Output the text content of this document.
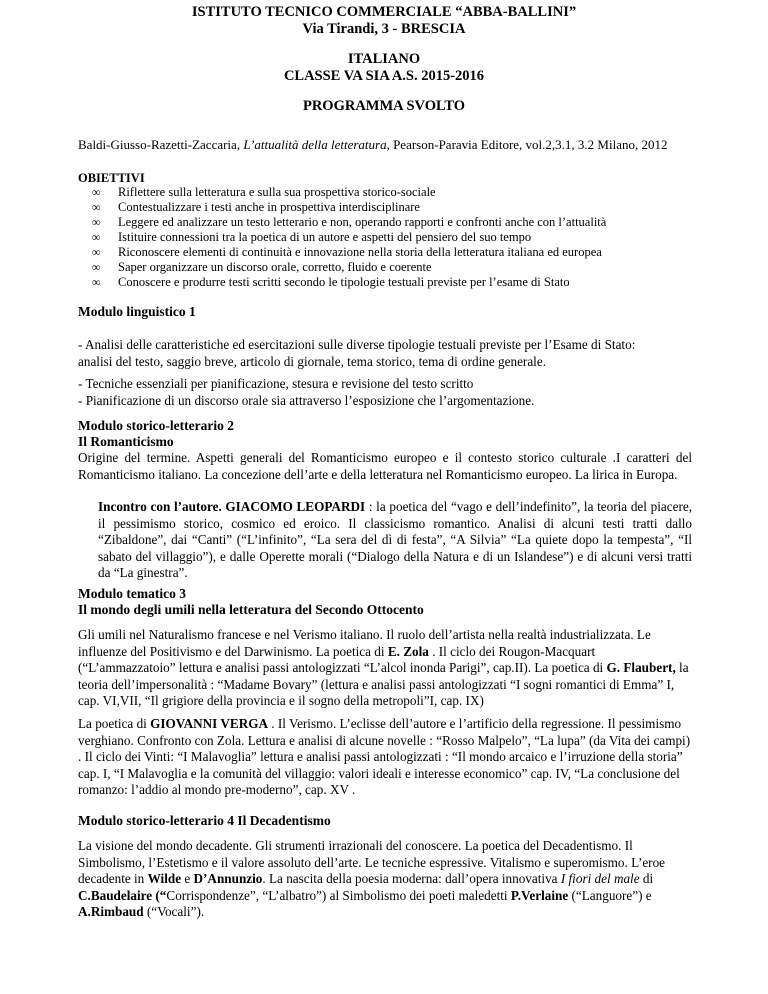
ISTITUTO TECNICO COMMERCIALE “ABBA-BALLINI”
Via Tirandi, 3 - BRESCIA
ITALIANO
CLASSE VA SIA A.S. 2015-2016
PROGRAMMA SVOLTO
Baldi-Giusso-Razetti-Zaccaria, L’attualità della letteratura, Pearson-Paravia Editore, vol.2,3.1, 3.2 Milano, 2012
OBIETTIVI
∞	Riflettere sulla letteratura e sulla sua prospettiva storico-sociale
∞	Contestualizzare i testi anche in prospettiva interdisciplinare
∞	Leggere ed analizzare un testo letterario e non, operando rapporti e confronti anche con l’attualità
∞	Istituire connessioni tra la poetica di un autore e aspetti del pensiero del suo tempo
∞	Riconoscere elementi di continuità e innovazione nella storia della letteratura italiana ed europea
∞	Saper organizzare un discorso orale, corretto, fluido e coerente
∞	Conoscere e produrre testi scritti secondo le tipologie testuali previste per l’esame di Stato
Modulo linguistico 1
- Analisi delle caratteristiche ed esercitazioni sulle diverse tipologie testuali previste per l’Esame di Stato:
analisi del testo, saggio breve, articolo di giornale, tema storico, tema di ordine generale.
- Tecniche essenziali per pianificazione, stesura e revisione del testo scritto
- Pianificazione di un discorso orale sia attraverso l’esposizione che l’argomentazione.
Modulo storico-letterario 2
Il Romanticismo
Origine del termine. Aspetti generali del Romanticismo europeo e il contesto storico culturale .I caratteri del Romanticismo italiano. La concezione dell’arte e della letteratura nel Romanticismo europeo. La lirica in Europa.
Incontro con l’autore. GIACOMO LEOPARDI : la poetica del “vago e dell’indefinito”, la teoria del piacere, il pessimismo storico, cosmico ed eroico. Il classicismo romantico. Analisi di alcuni testi tratti dallo “Zibaldone”, dai “Canti” (“L’infinito”, “La sera del dì di festa”, “A Silvia” “La quiete dopo la tempesta”, “Il sabato del villaggio”), e dalle Operette morali (“Dialogo della Natura e di un Islandese”) e di alcuni versi tratti da “La ginestra”.
Modulo tematico 3
Il mondo degli umili nella letteratura del Secondo Ottocento
Gli umili nel Naturalismo francese e nel Verismo italiano. Il ruolo dell’artista nella realtà industrializzata. Le influenze del Positivismo e del Darwinismo. La poetica di E. Zola . Il ciclo dei Rougon-Macquart (“L’ammazzatoio” lettura e analisi passi antologizzati “L’alcol inonda Parigi”, cap.II). La poetica di G. Flaubert, la teoria dell’impersonalità : “Madame Bovary” (lettura e analisi passi antologizzati “I sogni romantici di Emma” I, cap. VI,VII, “Il grigiore della provincia e il sogno della metropoli”I, cap. IX)
La poetica di GIOVANNI VERGA . Il Verismo. L’eclisse dell’autore e l’artificio della regressione. Il pessimismo verghiano. Confronto con Zola. Lettura e analisi di alcune novelle : “Rosso Malpelo”, “La lupa” (da Vita dei campi) . Il ciclo dei Vinti: “I Malavoglia” lettura e analisi passi antologizzati : “Il mondo arcaico e l’irruzione della storia” cap. I, “I Malavoglia e la comunità del villaggio: valori ideali e interesse economico” cap. IV, “La conclusione del romanzo: l’addio al mondo pre-moderno”, cap. XV .
Modulo storico-letterario 4 Il Decadentismo
La visione del mondo decadente. Gli strumenti irrazionali del conoscere. La poetica del Decadentismo. Il Simbolismo, l’Estetismo e il valore assoluto dell’arte. Le tecniche espressive. Vitalismo e superomismo. L’eroe decadente in Wilde e D’Annunzio. La nascita della poesia moderna: dall’opera innovativa I fiori del male di C.Baudelaire (“Corrispondenze”, “L’albatro”) al Simbolismo dei poeti maledetti P.Verlaine (“Languore”) e A.Rimbaud (“Vocali”).
